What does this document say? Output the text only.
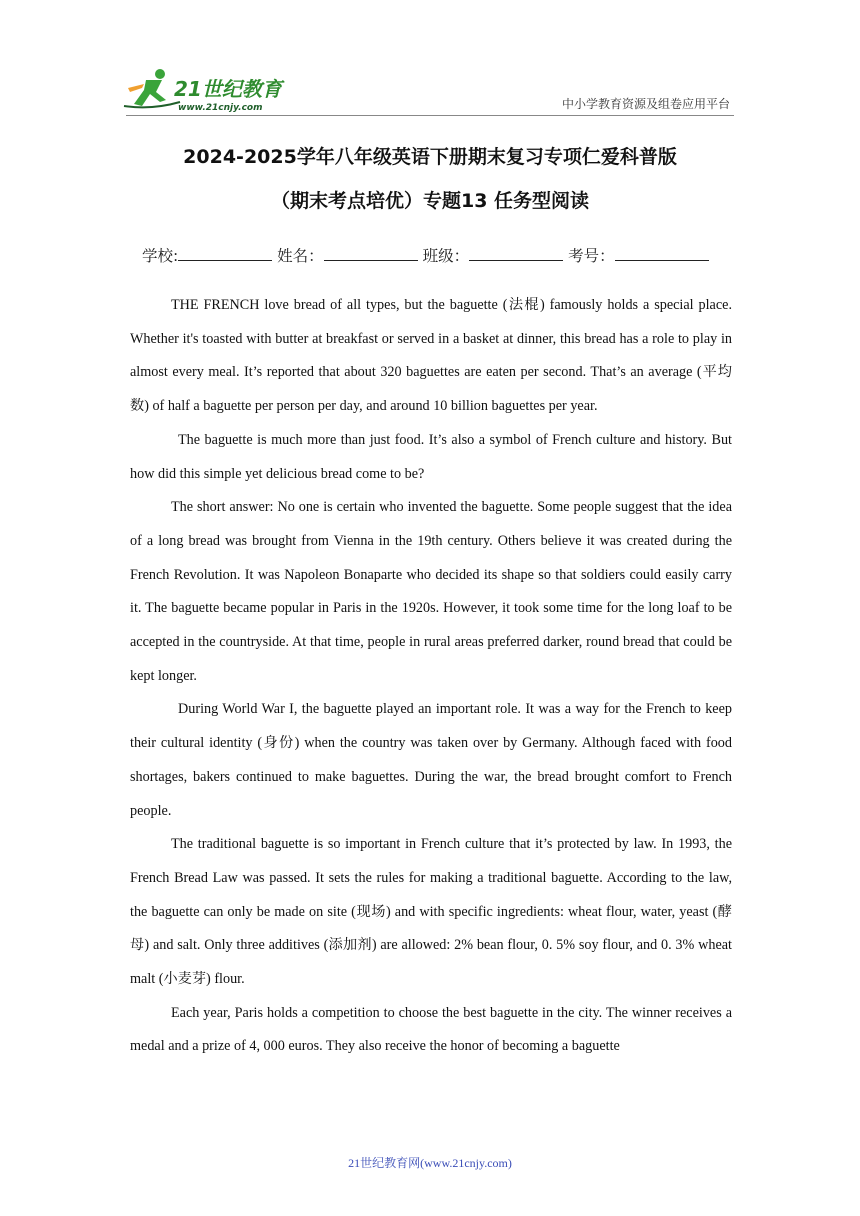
21世纪教育
www.21cnjy.com	中小学教育资源及组卷应用平台
2024-2025学年八年级英语下册期末复习专项仁爱科普版
（期末考点培优）专题13 任务型阅读
学校:	姓名：	班级：	考号：

THE FRENCH love bread of all types, but the baguette (法棍) famously holds a special place. Whether it's toasted with butter at breakfast or served in a basket at dinner, this bread has a role to play in almost every meal. It’s reported that about 320 baguettes are eaten per second. That’s an average (平均数) of half a baguette per person per day, and around 10 billion baguettes per year.

The baguette is much more than just food. It’s also a symbol of French culture and history. But how did this simple yet delicious bread come to be?

The short answer: No one is certain who invented the baguette. Some people suggest that the idea of a long bread was brought from Vienna in the 19th century. Others believe it was created during the French Revolution. It was Napoleon Bonaparte who decided its shape so that soldiers could easily carry it. The baguette became popular in Paris in the 1920s. However, it took some time for the long loaf to be accepted in the countryside. At that time, people in rural areas preferred darker, round bread that could be kept longer.

During World War I, the baguette played an important role. It was a way for the French to keep their cultural identity (身份) when the country was taken over by Germany. Although faced with food shortages, bakers continued to make baguettes. During the war, the bread brought comfort to French people.

The traditional baguette is so important in French culture that it’s protected by law. In 1993, the French Bread Law was passed. It sets the rules for making a traditional baguette. According to the law, the baguette can only be made on site (现场) and with specific ingredients: wheat flour, water, yeast (酵母) and salt. Only three additives (添加剂) are allowed: 2% bean flour, 0. 5% soy flour, and 0. 3% wheat malt (小麦芽) flour.

Each year, Paris holds a competition to choose the best baguette in the city. The winner receives a medal and a prize of 4, 000 euros. They also receive the honor of becoming a baguette

21世纪教育网(www.21cnjy.com)
